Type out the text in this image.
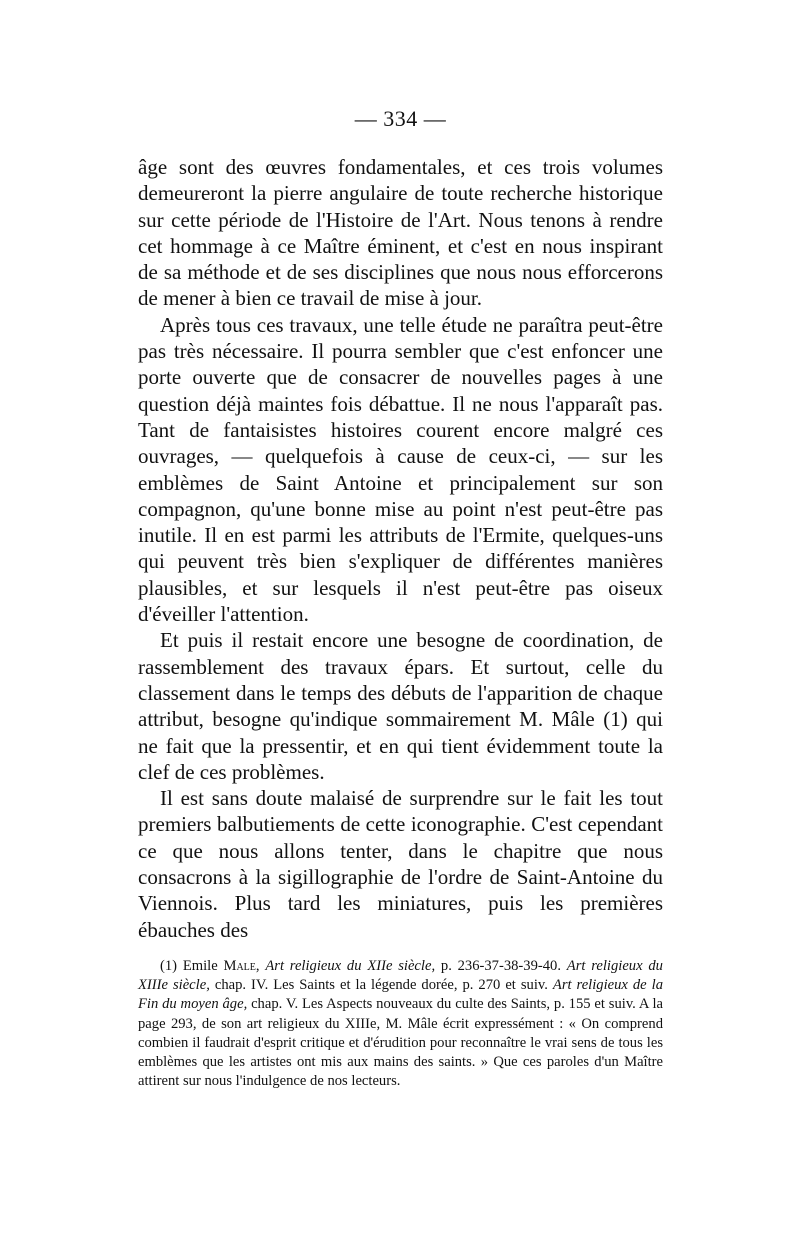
— 334 —

âge sont des œuvres fondamentales, et ces trois volumes demeureront la pierre angulaire de toute recherche historique sur cette période de l'Histoire de l'Art. Nous tenons à rendre cet hommage à ce Maître éminent, et c'est en nous inspirant de sa méthode et de ses disciplines que nous nous efforcerons de mener à bien ce travail de mise à jour.

Après tous ces travaux, une telle étude ne paraîtra peut-être pas très nécessaire. Il pourra sembler que c'est enfoncer une porte ouverte que de consacrer de nouvelles pages à une question déjà maintes fois débattue. Il ne nous l'apparaît pas. Tant de fantaisistes histoires courent encore malgré ces ouvrages, — quelquefois à cause de ceux-ci, — sur les emblèmes de Saint Antoine et principalement sur son compagnon, qu'une bonne mise au point n'est peut-être pas inutile. Il en est parmi les attributs de l'Ermite, quelques-uns qui peuvent très bien s'expliquer de différentes manières plausibles, et sur lesquels il n'est peut-être pas oiseux d'éveiller l'attention.

Et puis il restait encore une besogne de coordination, de rassemblement des travaux épars. Et surtout, celle du classement dans le temps des débuts de l'apparition de chaque attribut, besogne qu'indique sommairement M. Mâle (1) qui ne fait que la pressentir, et en qui tient évidemment toute la clef de ces problèmes.

Il est sans doute malaisé de surprendre sur le fait les tout premiers balbutiements de cette iconographie. C'est cependant ce que nous allons tenter, dans le chapitre que nous consacrons à la sigillographie de l'ordre de Saint-Antoine du Viennois. Plus tard les miniatures, puis les premières ébauches des

(1) Emile Male, Art religieux du XIIe siècle, p. 236-37-38-39-40. Art religieux du XIIIe siècle, chap. IV. Les Saints et la légende dorée, p. 270 et suiv. Art religieux de la Fin du moyen âge, chap. V. Les Aspects nouveaux du culte des Saints, p. 155 et suiv. A la page 293, de son art religieux du XIIIe, M. Mâle écrit expressément : « On comprend combien il faudrait d'esprit critique et d'érudition pour reconnaître le vrai sens de tous les emblèmes que les artistes ont mis aux mains des saints. » Que ces paroles d'un Maître attirent sur nous l'indulgence de nos lecteurs.
